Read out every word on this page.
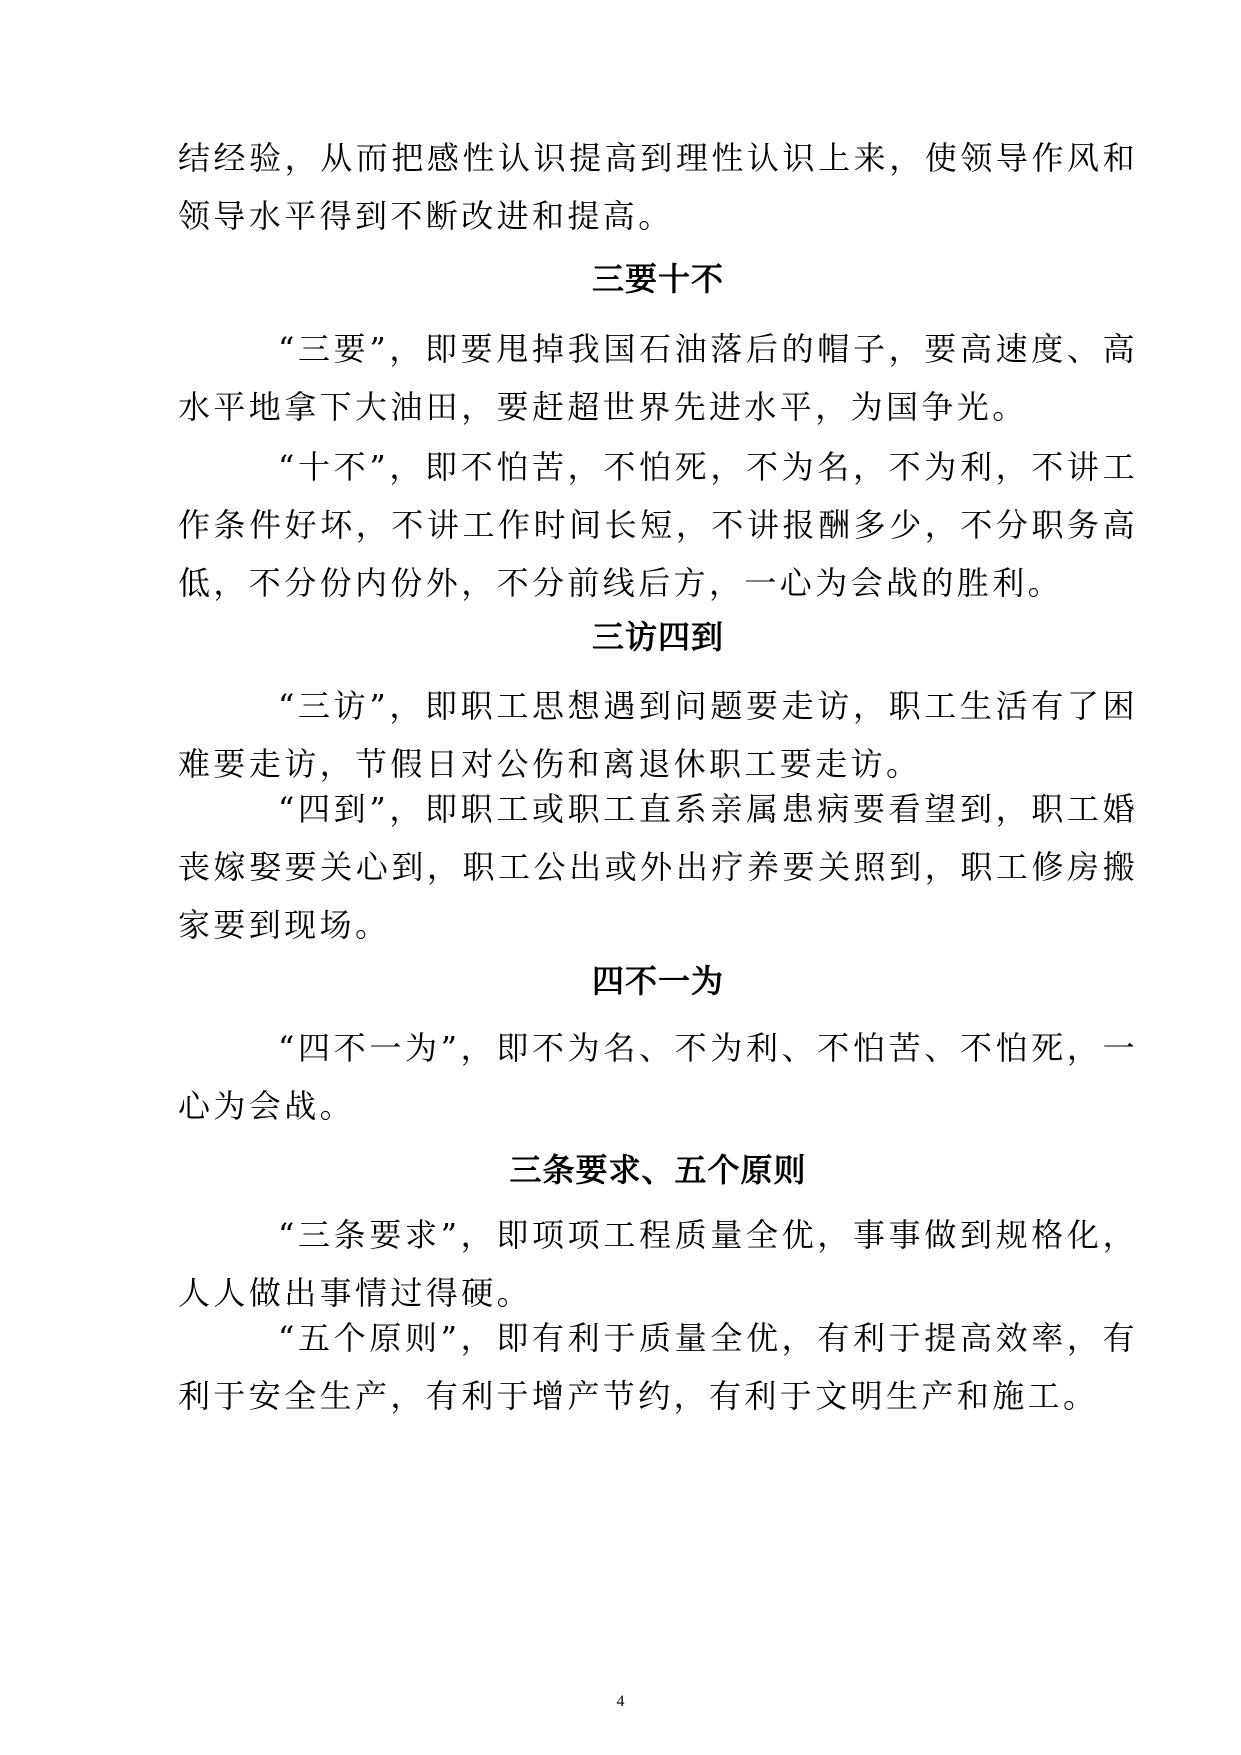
结经验，从而把感性认识提高到理性认识上来，使领导作风和领导水平得到不断改进和提高。

三要十不

“三要”，即要甩掉我国石油落后的帽子，要高速度、高水平地拿下大油田，要赶超世界先进水平，为国争光。

“十不”，即不怕苦，不怕死，不为名，不为利，不讲工作条件好坏，不讲工作时间长短，不讲报酬多少，不分职务高低，不分份内份外，不分前线后方，一心为会战的胜利。

三访四到

“三访”，即职工思想遇到问题要走访，职工生活有了困难要走访，节假日对公伤和离退休职工要走访。

“四到”，即职工或职工直系亲属患病要看望到，职工婚丧嫁娶要关心到，职工公出或外出疗养要关照到，职工修房搬家要到现场。

四不一为

“四不一为”，即不为名、不为利、不怕苦、不怕死，一心为会战。

三条要求、五个原则

“三条要求”，即项项工程质量全优，事事做到规格化，人人做出事情过得硬。

“五个原则”，即有利于质量全优，有利于提高效率，有利于安全生产，有利于增产节约，有利于文明生产和施工。

4
